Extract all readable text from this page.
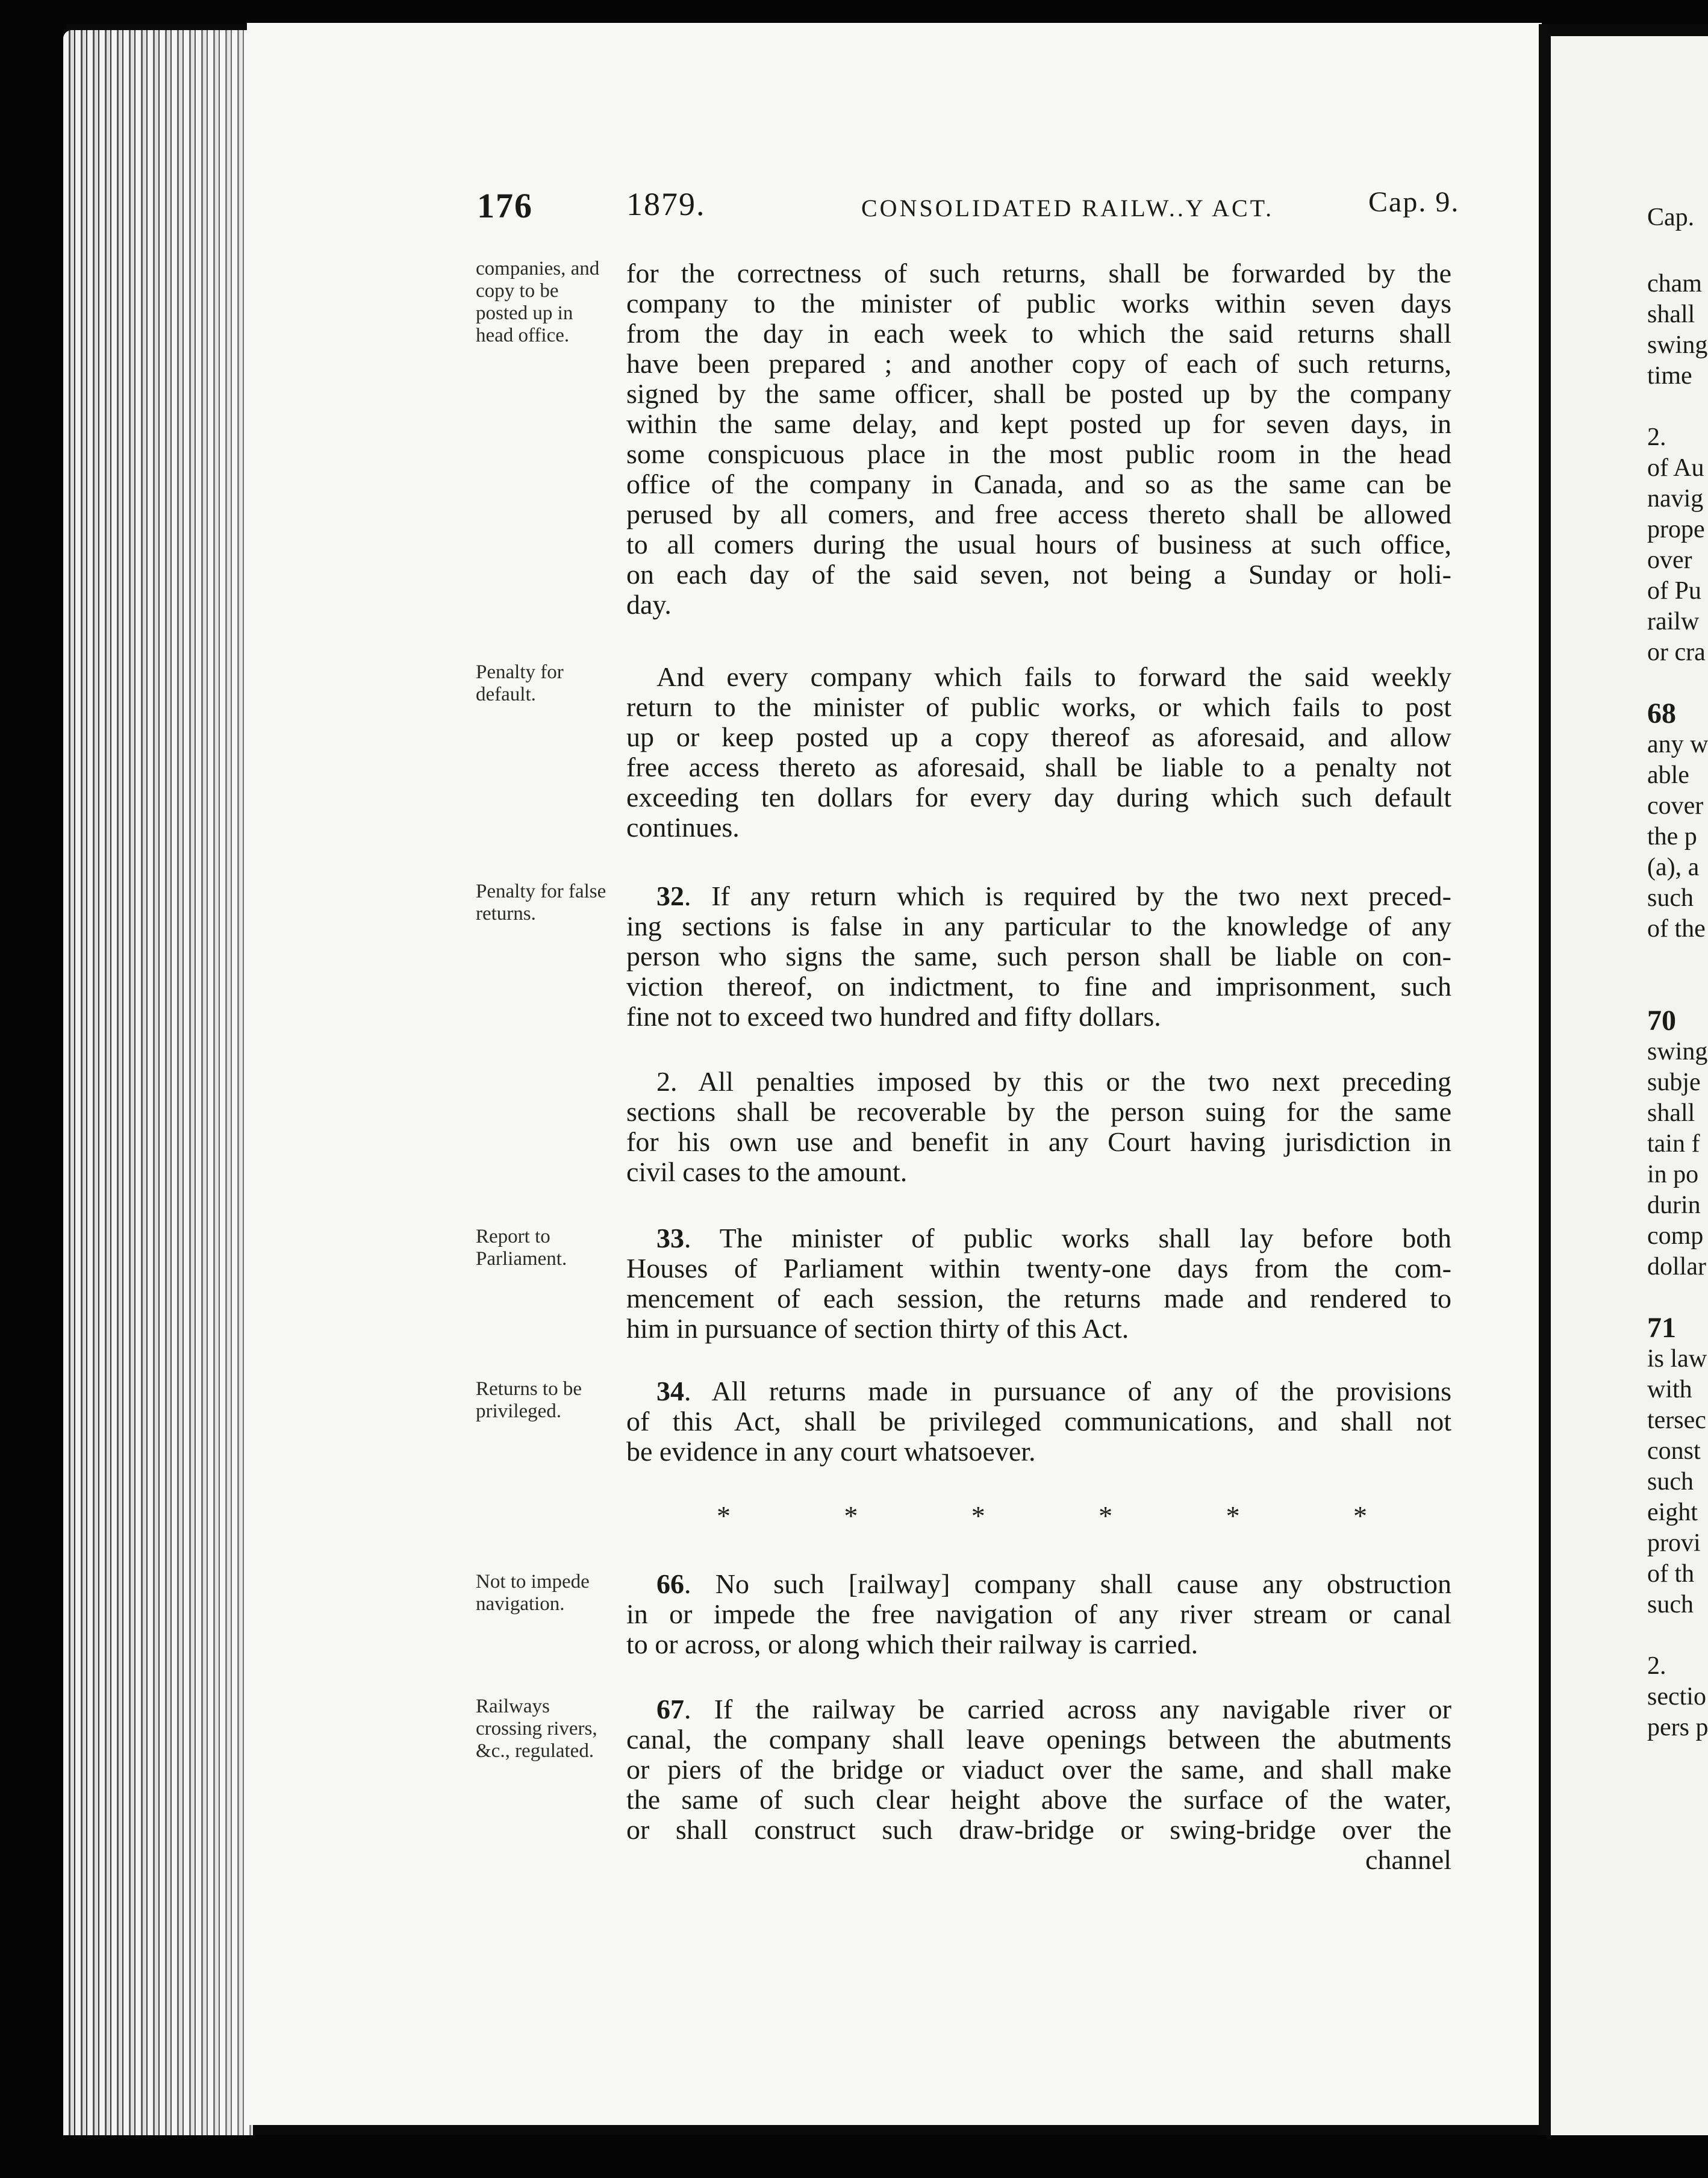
176	1879.	CONSOLIDATED RAILW..Y ACT.	Cap. 9.
companies, and copy to be posted up in head office.
Penalty for default.
Penalty for false returns.
Report to Parliament.
Returns to be privileged.
Not to impede navigation.
Railways crossing rivers, &c., regulated.
for the correctness of such returns, shall be forwarded by the
company to the minister of public works within seven days
from the day in each week to which the said returns shall
have been prepared ; and another copy of each of such returns,
signed by the same officer, shall be posted up by the company
within the same delay, and kept posted up for seven days, in
some conspicuous place in the most public room in the head
office of the company in Canada, and so as the same can be
perused by all comers, and free access thereto shall be allowed
to all comers during the usual hours of business at such office,
on each day of the said seven, not being a Sunday or holi-
day.
And every company which fails to forward the said weekly
return to the minister of public works, or which fails to post
up or keep posted up a copy thereof as aforesaid, and allow
free access thereto as aforesaid, shall be liable to a penalty not
exceeding ten dollars for every day during which such default
continues.
32. If any return which is required by the two next preced-
ing sections is false in any particular to the knowledge of any
person who signs the same, such person shall be liable on con-
viction thereof, on indictment, to fine and imprisonment, such
fine not to exceed two hundred and fifty dollars.
2. All penalties imposed by this or the two next preceding
sections shall be recoverable by the person suing for the same
for his own use and benefit in any Court having jurisdiction in
civil cases to the amount.
33. The minister of public works shall lay before both
Houses of Parliament within twenty-one days from the com-
mencement of each session, the returns made and rendered to
him in pursuance of section thirty of this Act.
34. All returns made in pursuance of any of the provisions
of this Act, shall be privileged communications, and shall not
be evidence in any court whatsoever.
*	*	*	*	*	*
66. No such [railway] company shall cause any obstruction
in or impede the free navigation of any river stream or canal
to or across, or along which their railway is carried.
67. If the railway be carried across any navigable river or
canal, the company shall leave openings between the abutments
or piers of the bridge or viaduct over the same, and shall make
the same of such clear height above the surface of the water,
or shall construct such draw-bridge or swing-bridge over the
channel
Cap.
cham
shall
swing
time
2.
of Au
navig
prope
over
of Pu
railw
or cra
68
any w
able
cover
the p
(a), a
such
of the
70
swing
subje
shall
tain f
in po
durin
comp
dollar
71
is law
with
tersec
const
such
eight
provi
of th
such
2.
sectio
pers p
